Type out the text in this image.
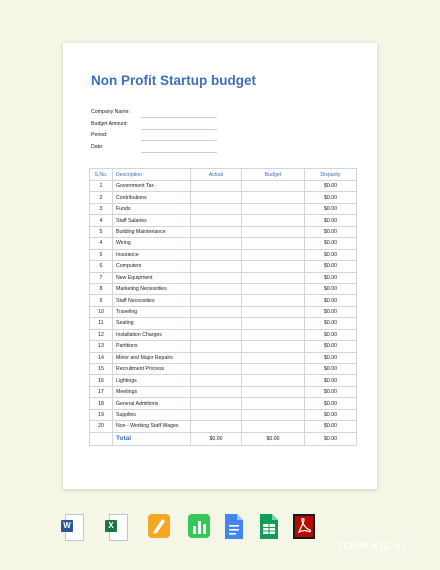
Non Profit Startup budget
Company Name:
Budget Amount:
Period:
Date:
S.No.	Description	Actual	Budget	Disparity
1	Government Tax			$0.00
2	Contributions			$0.00
3	Funds			$0.00
4	Staff Salaries			$0.00
5	Building Maintenance			$0.00
4	Wiring			$0.00
5	Insurance			$0.00
6	Computers			$0.00
7	New Equipment			$0.00
8	Marketing Necessities			$0.00
9	Staff Necessities			$0.00
10	Traveling			$0.00
11	Seating			$0.00
12	Installation Charges			$0.00
13	Partitions			$0.00
14	Minor and Major Repairs			$0.00
15	Recruitment Process			$0.00
16	Lightings			$0.00
17	Meetings			$0.00
18	General Admitions			$0.00
19	Supplies			$0.00
20	Non - Working Staff Wages			$0.00
	Total	$0.00	$0.00	$0.00
W	X
TEMPLATE.NET
